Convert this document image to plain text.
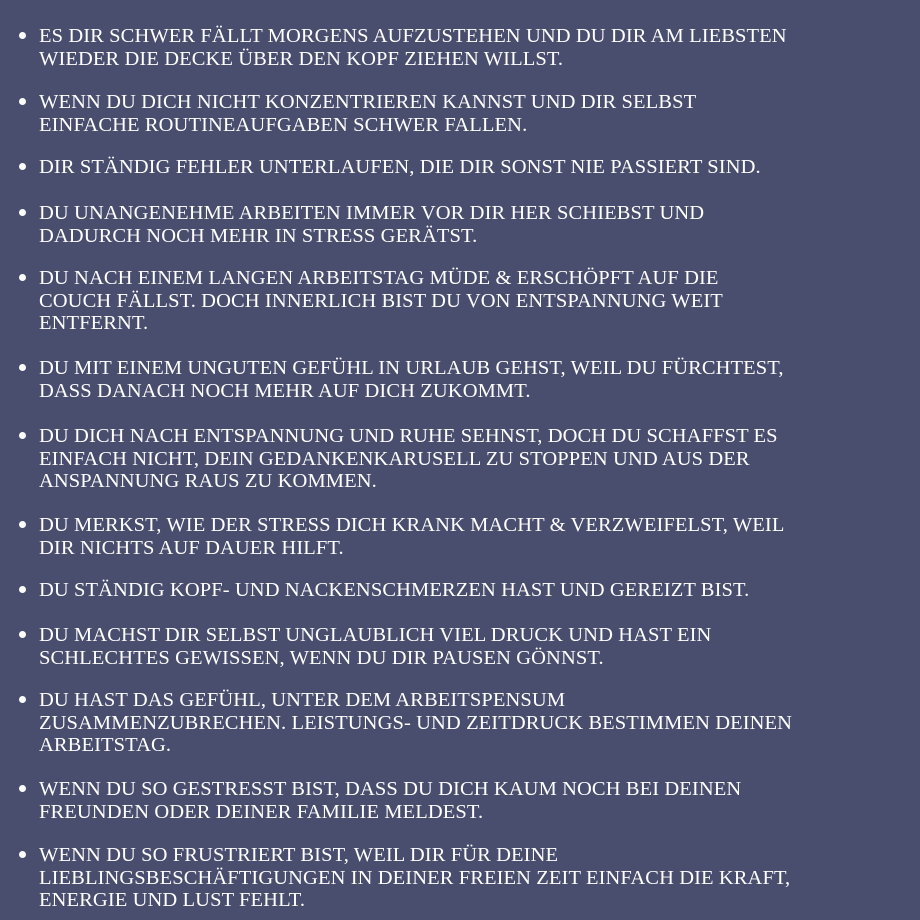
ES DIR SCHWER FÄLLT MORGENS AUFZUSTEHEN UND DU DIR AM LIEBSTEN
WIEDER DIE DECKE ÜBER DEN KOPF ZIEHEN WILLST.
WENN DU DICH NICHT KONZENTRIEREN KANNST UND DIR SELBST
EINFACHE ROUTINEAUFGABEN SCHWER FALLEN.
DIR STÄNDIG FEHLER UNTERLAUFEN, DIE DIR SONST NIE PASSIERT SIND.
DU UNANGENEHME ARBEITEN IMMER VOR DIR HER SCHIEBST UND
DADURCH NOCH MEHR IN STRESS GERÄTST.
DU NACH EINEM LANGEN ARBEITSTAG MÜDE & ERSCHÖPFT AUF DIE
COUCH FÄLLST. DOCH INNERLICH BIST DU VON ENTSPANNUNG WEIT
ENTFERNT.
DU MIT EINEM UNGUTEN GEFÜHL IN URLAUB GEHST, WEIL DU FÜRCHTEST,
DASS DANACH NOCH MEHR AUF DICH ZUKOMMT.
DU DICH NACH ENTSPANNUNG UND RUHE SEHNST, DOCH DU SCHAFFST ES
EINFACH NICHT, DEIN GEDANKENKARUSELL ZU STOPPEN UND AUS DER
ANSPANNUNG RAUS ZU KOMMEN.
DU MERKST, WIE DER STRESS DICH KRANK MACHT & VERZWEIFELST, WEIL
DIR NICHTS AUF DAUER HILFT.
DU STÄNDIG KOPF- UND NACKENSCHMERZEN HAST UND GEREIZT BIST.
DU MACHST DIR SELBST UNGLAUBLICH VIEL DRUCK UND HAST EIN
SCHLECHTES GEWISSEN, WENN DU DIR PAUSEN GÖNNST.
DU HAST DAS GEFÜHL, UNTER DEM ARBEITSPENSUM
ZUSAMMENZUBRECHEN. LEISTUNGS- UND ZEITDRUCK BESTIMMEN DEINEN
ARBEITSTAG.
WENN DU SO GESTRESST BIST, DASS DU DICH KAUM NOCH BEI DEINEN
FREUNDEN ODER DEINER FAMILIE MELDEST.
WENN DU SO FRUSTRIERT BIST, WEIL DIR FÜR DEINE
LIEBLINGSBESCHÄFTIGUNGEN IN DEINER FREIEN ZEIT EINFACH DIE KRAFT,
ENERGIE UND LUST FEHLT.
